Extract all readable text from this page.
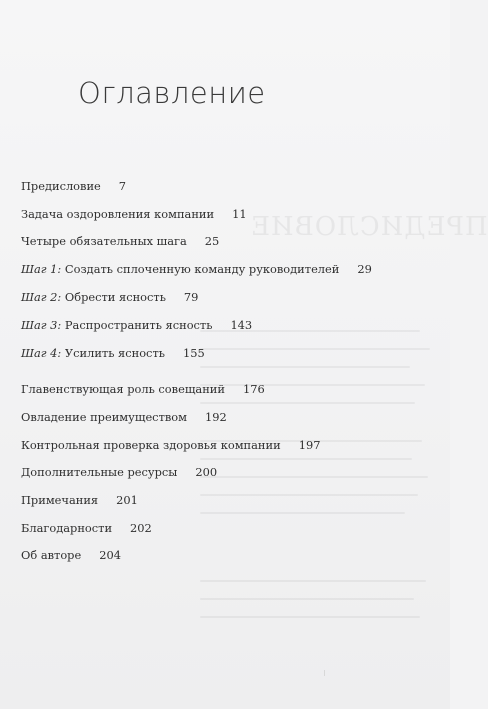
ПРЕДИСЛОВИЕ
Оглавление
Предисловие 7
Задача оздоровления компании 11
Четыре обязательных шага 25
Шаг 1: Создать сплоченную команду руководителей 29
Шаг 2: Обрести ясность 79
Шаг 3: Распространить ясность 143
Шаг 4: Усилить ясность 155
Главенствующая роль совещаний 176
Овладение преимуществом 192
Контрольная проверка здоровья компании 197
Дополнительные ресурсы 200
Примечания 201
Благодарности 202
Об авторе 204
